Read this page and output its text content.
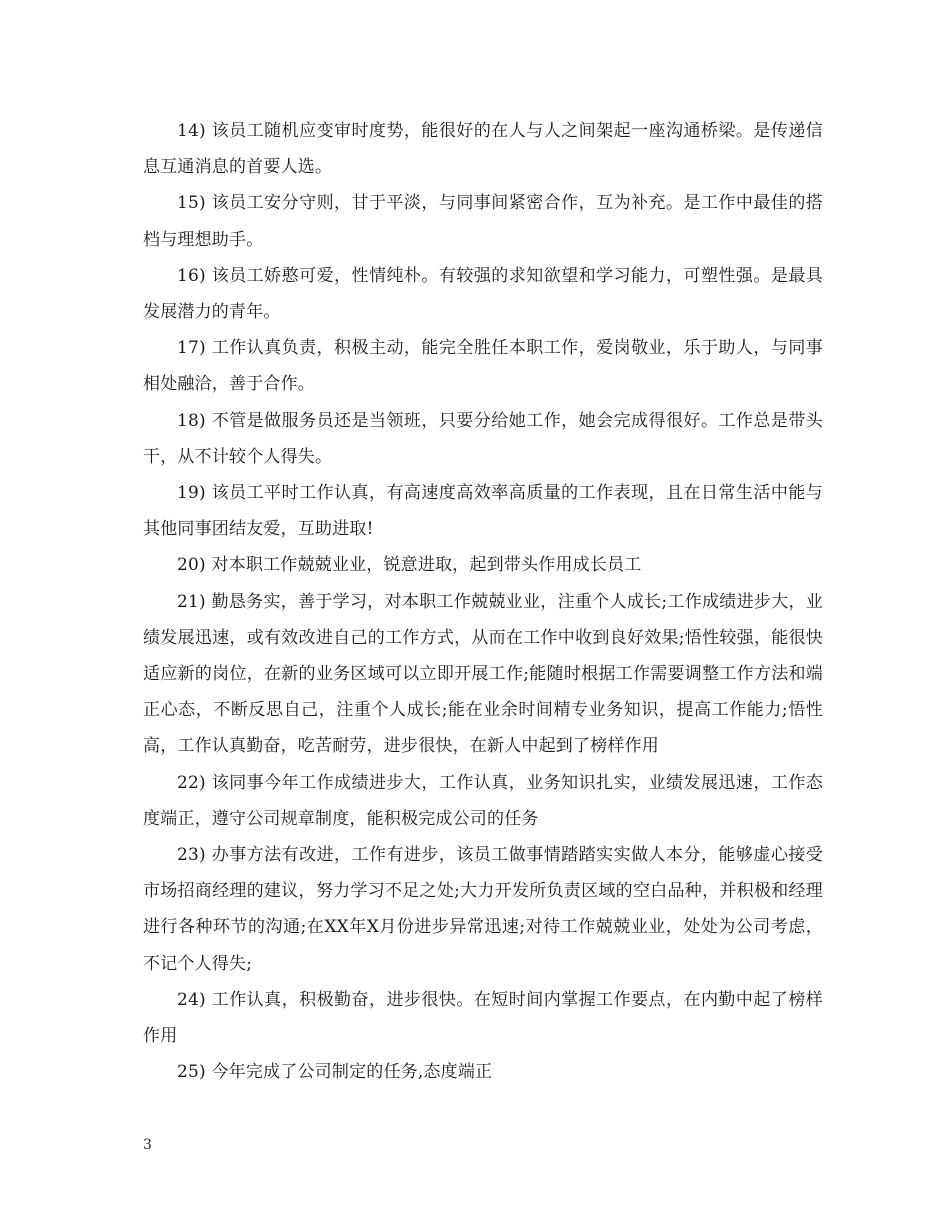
14) 该员工随机应变审时度势，能很好的在人与人之间架起一座沟通桥梁。是传递信息互通消息的首要人选。

15) 该员工安分守则，甘于平淡，与同事间紧密合作，互为补充。是工作中最佳的搭档与理想助手。

16) 该员工娇憨可爱，性情纯朴。有较强的求知欲望和学习能力，可塑性强。是最具发展潜力的青年。

17) 工作认真负责，积极主动，能完全胜任本职工作，爱岗敬业，乐于助人，与同事相处融洽，善于合作。

18) 不管是做服务员还是当领班，只要分给她工作，她会完成得很好。工作总是带头干，从不计较个人得失。

19) 该员工平时工作认真，有高速度高效率高质量的工作表现，且在日常生活中能与其他同事团结友爱，互助进取!

20) 对本职工作兢兢业业，锐意进取，起到带头作用成长员工

21) 勤恳务实，善于学习，对本职工作兢兢业业，注重个人成长;工作成绩进步大，业绩发展迅速，或有效改进自己的工作方式，从而在工作中收到良好效果;悟性较强，能很快适应新的岗位，在新的业务区域可以立即开展工作;能随时根据工作需要调整工作方法和端正心态，不断反思自己，注重个人成长;能在业余时间精专业务知识，提高工作能力;悟性高，工作认真勤奋，吃苦耐劳，进步很快，在新人中起到了榜样作用

22) 该同事今年工作成绩进步大，工作认真，业务知识扎实，业绩发展迅速，工作态度端正，遵守公司规章制度，能积极完成公司的任务

23) 办事方法有改进，工作有进步，该员工做事情踏踏实实做人本分，能够虚心接受市场招商经理的建议，努力学习不足之处;大力开发所负责区域的空白品种，并积极和经理进行各种环节的沟通;在XX年X月份进步异常迅速;对待工作兢兢业业，处处为公司考虑，不记个人得失;

24) 工作认真，积极勤奋，进步很快。在短时间内掌握工作要点，在内勤中起了榜样作用

25) 今年完成了公司制定的任务,态度端正

3
